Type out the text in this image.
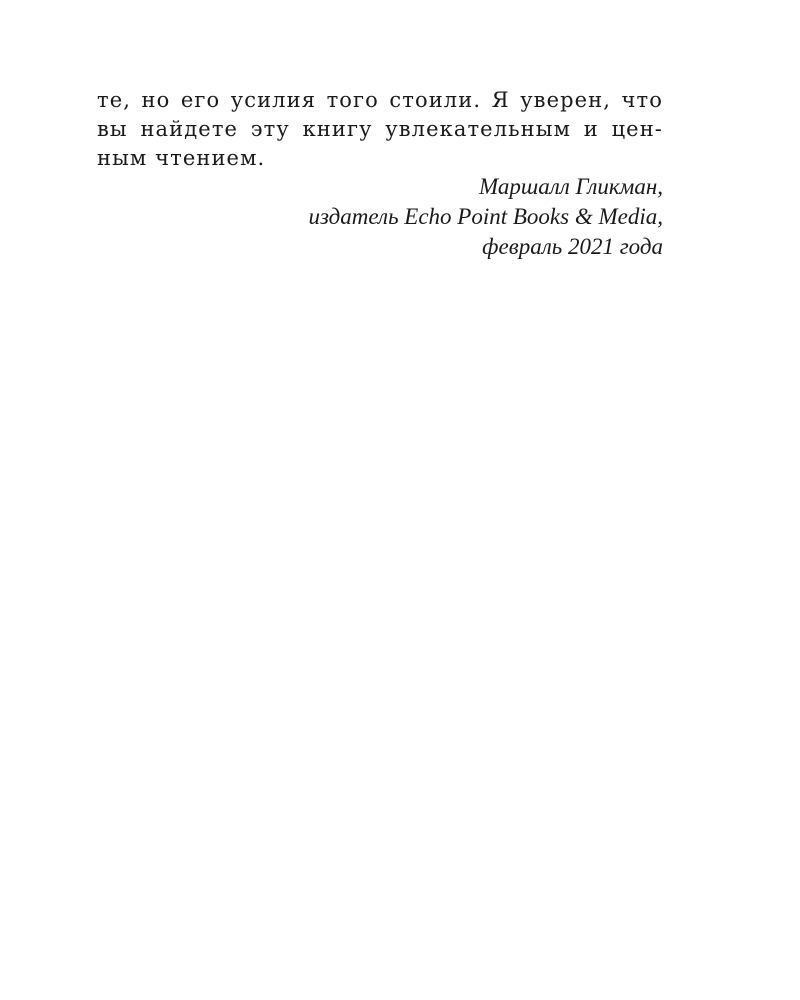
те, но его усилия того стоили. Я уверен, что
вы найдете эту книгу увлекательным и цен-
ным чтением.
Маршалл Гликман,
издатель Echo Point Books & Media,
февраль 2021 года
